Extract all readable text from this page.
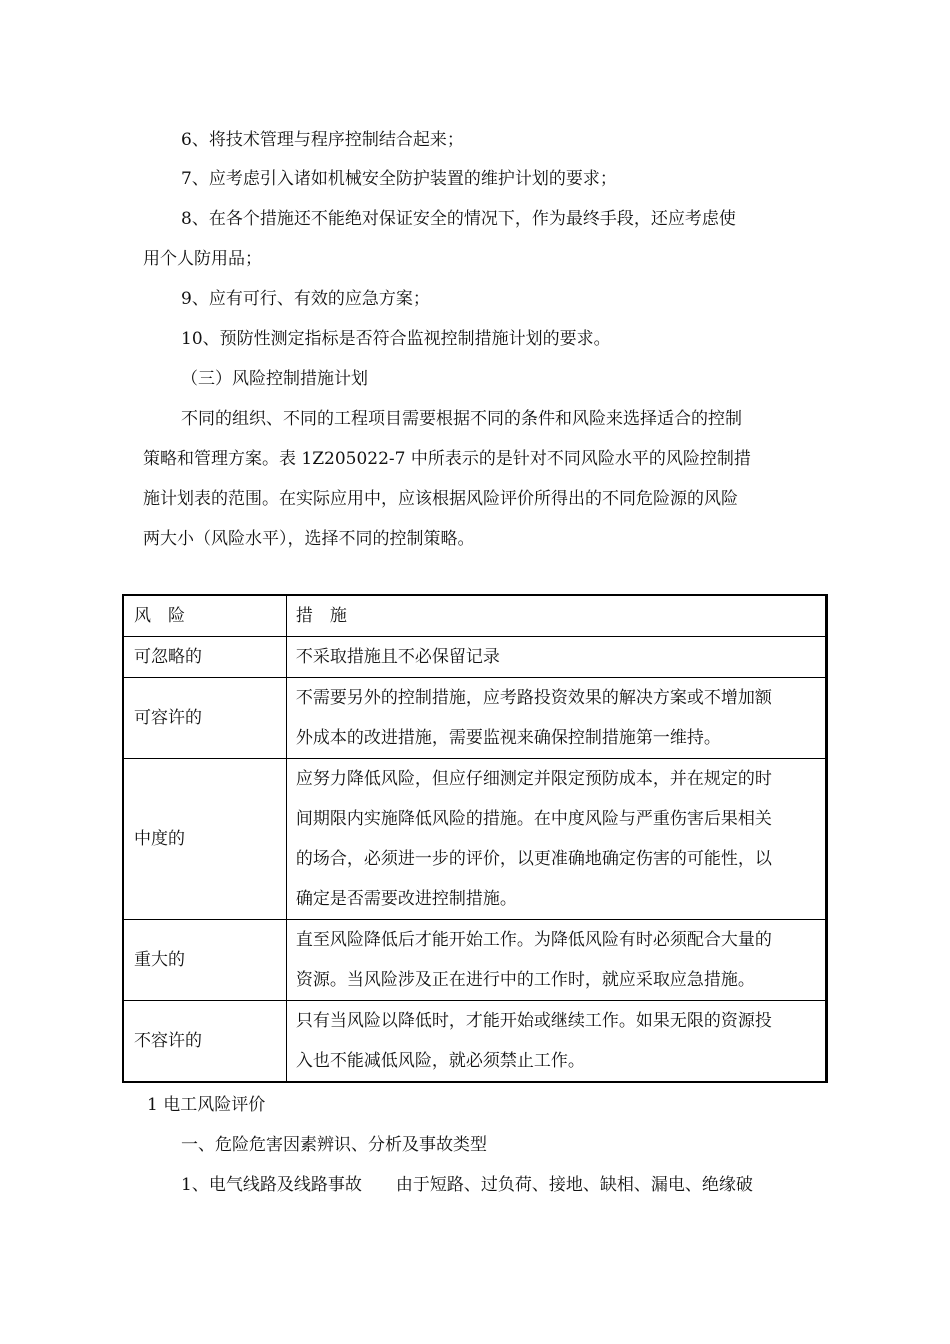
6、将技术管理与程序控制结合起来；
7、应考虑引入诸如机械安全防护装置的维护计划的要求；
8、在各个措施还不能绝对保证安全的情况下，作为最终手段，还应考虑使
用个人防用品；
9、应有可行、有效的应急方案；
10、预防性测定指标是否符合监视控制措施计划的要求。
（三）风险控制措施计划
不同的组织、不同的工程项目需要根据不同的条件和风险来选择适合的控制
策略和管理方案。表 1Z205022-7 中所表示的是针对不同风险水平的风险控制措
施计划表的范围。在实际应用中，应该根据风险评价所得出的不同危险源的风险
两大小（风险水平），选择不同的控制策略。
风　险	措　施
可忽略的	不采取措施且不必保留记录

可容许的	不需要另外的控制措施，应考路投资效果的解决方案或不增加额
外成本的改进措施，需要监视来确保控制措施第一维持。

中度的	应努力降低风险，但应仔细测定并限定预防成本，并在规定的时
间期限内实施降低风险的措施。在中度风险与严重伤害后果相关
的场合，必须进一步的评价，以更准确地确定伤害的可能性，以
确定是否需要改进控制措施。

重大的	直至风险降低后才能开始工作。为降低风险有时必须配合大量的
资源。当风险涉及正在进行中的工作时，就应采取应急措施。

不容许的	只有当风险以降低时，才能开始或继续工作。如果无限的资源投
入也不能减低风险，就必须禁止工作。
1 电工风险评价
一、危险危害因素辨识、分析及事故类型
1、电气线路及线路事故　　由于短路、过负荷、接地、缺相、漏电、绝缘破
